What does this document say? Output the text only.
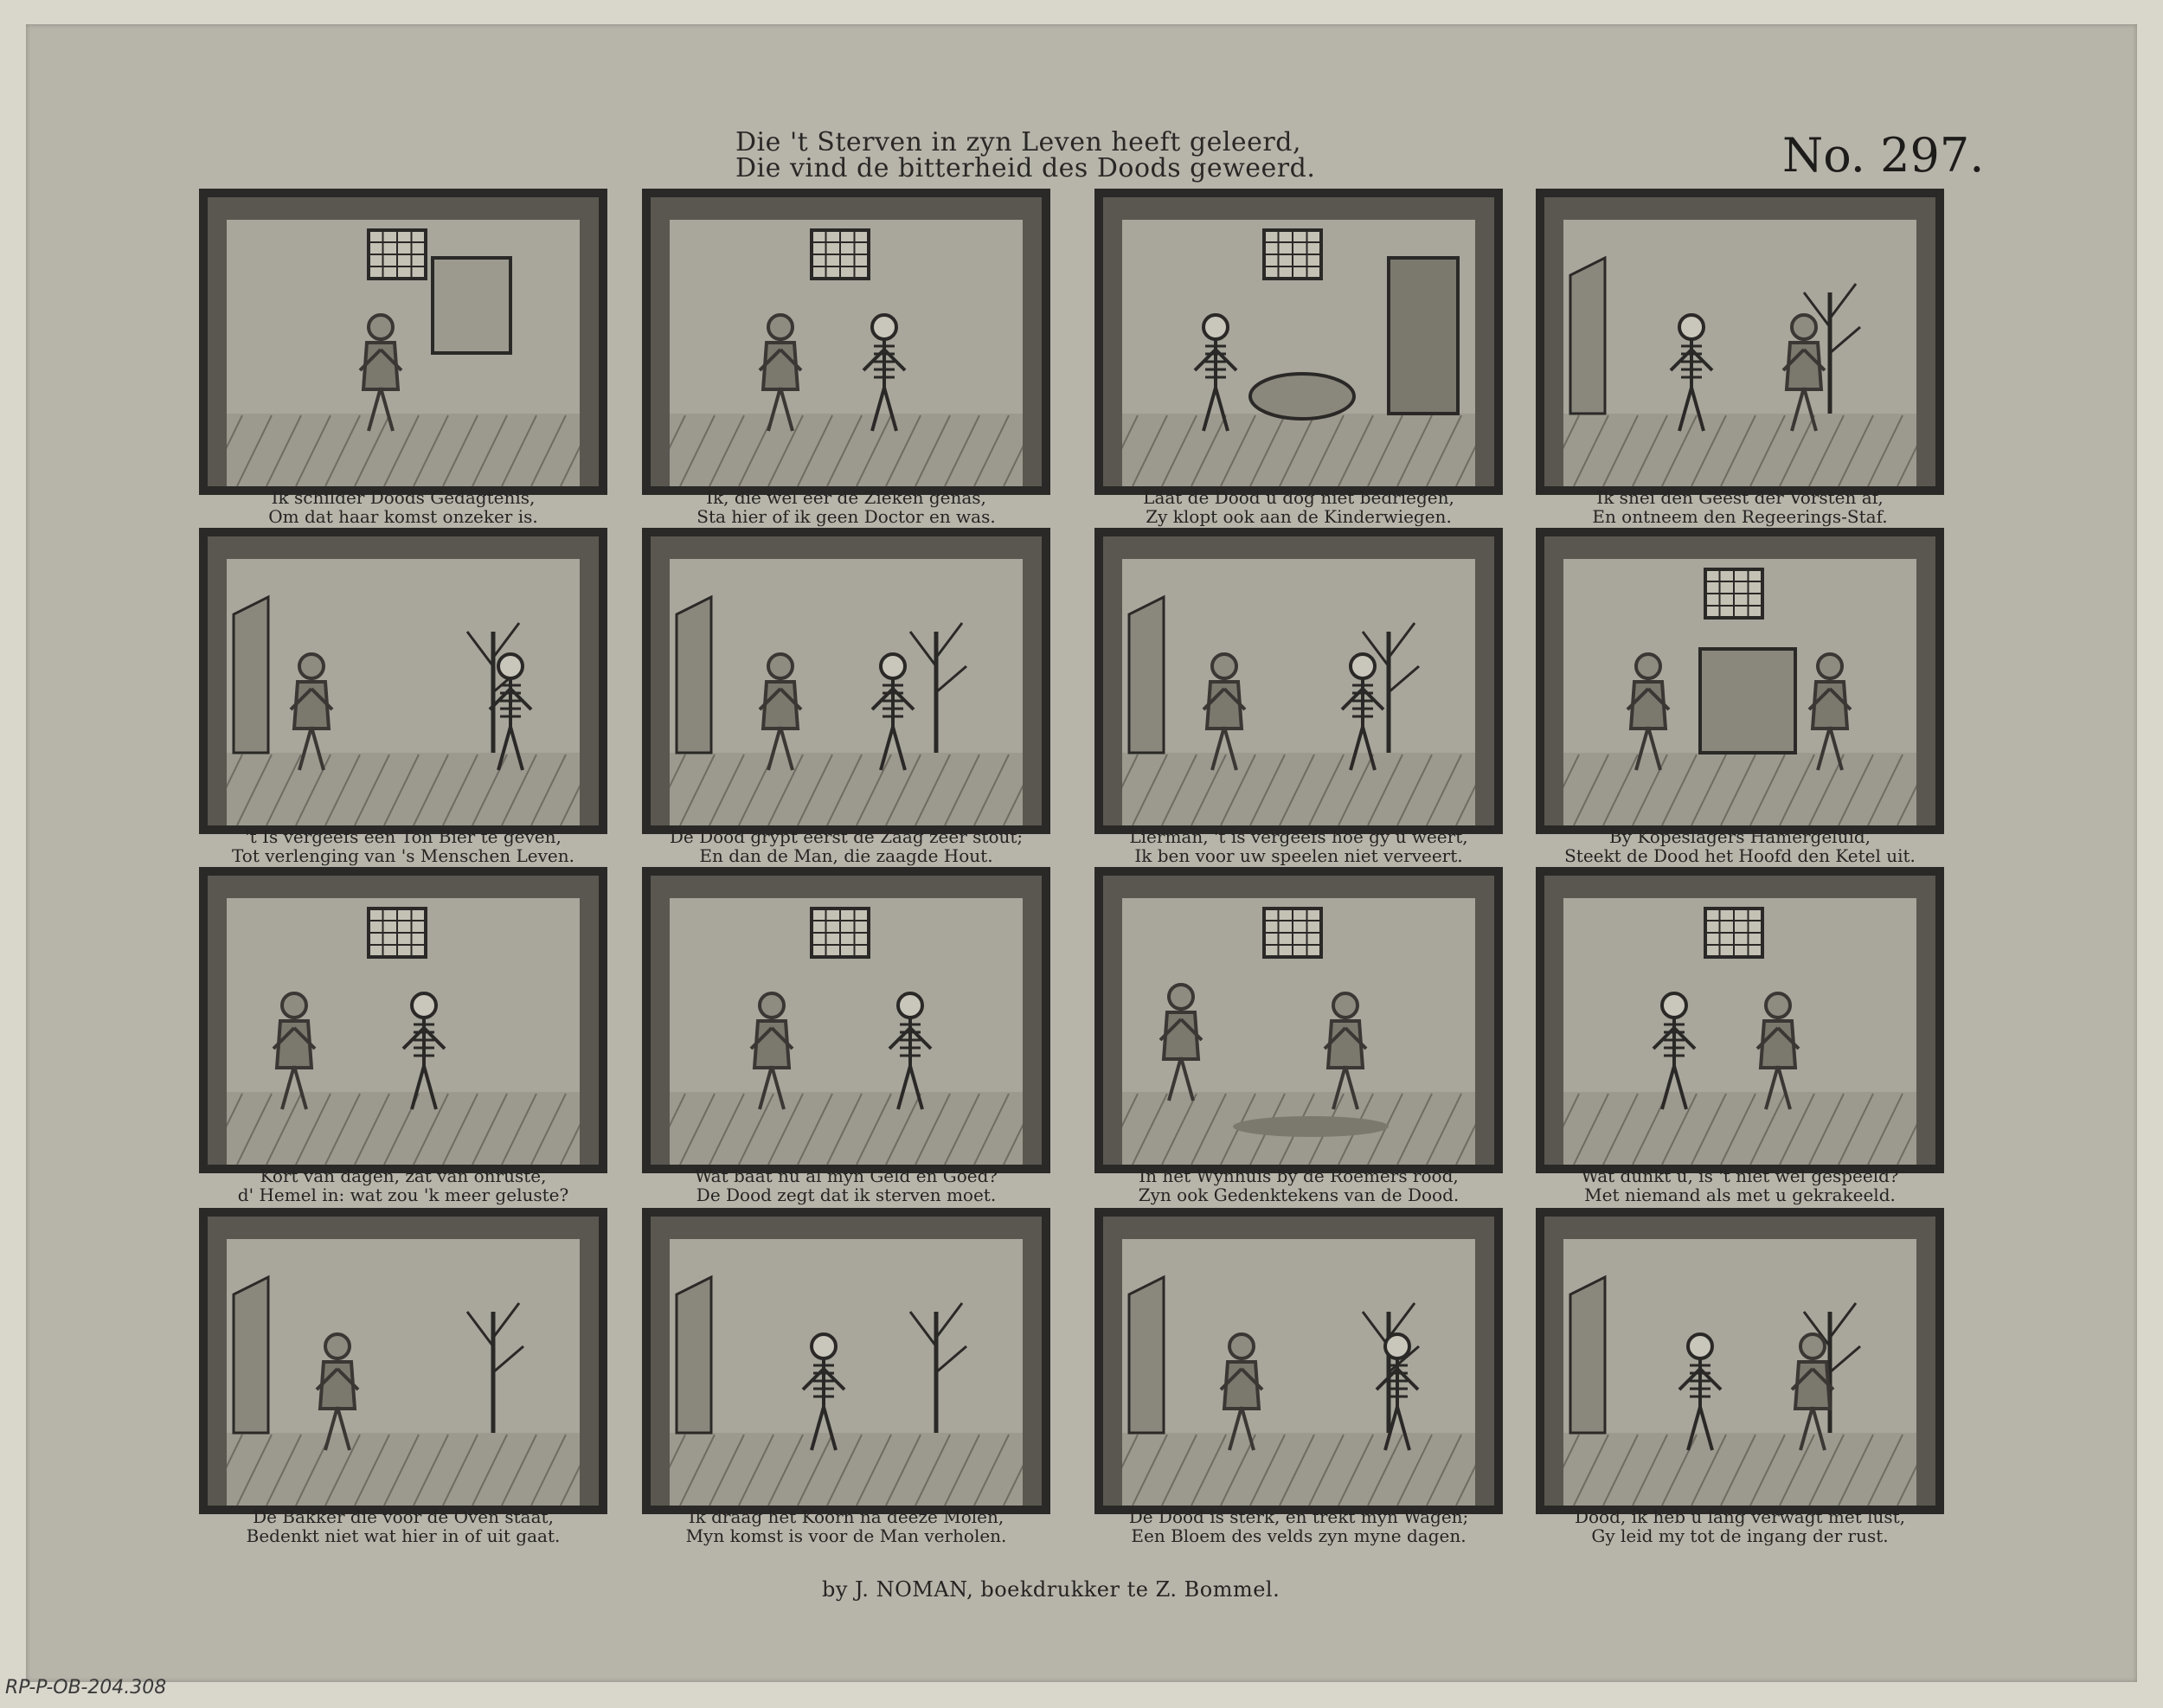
Die 't Sterven in zyn Leven heeft geleerd,
Die vind de bitterheid des Doods geweerd.	No. 297.
Ik schilder Doods Gedagtenis,
Om dat haar komst onzeker is.
Ik, die wel eer de Zieken genas,
Sta hier of ik geen Doctor en was.
Laat de Dood u dog niet bedriegen,
Zy klopt ook aan de Kinderwiegen.
Ik snei den Geest der Vorsten af,
En ontneem den Regeerings-Staf.
't Is vergeefs een Ton Bier te geven,
Tot verlenging van 's Menschen Leven.
De Dood grypt eerst de Zaag zeer stout;
En dan de Man, die zaagde Hout.
Lierman, 't is vergeefs hoe gy u weert,
Ik ben voor uw speelen niet verveert.
By Kopeslagers Hamergeluid,
Steekt de Dood het Hoofd den Ketel uit.
Kort van dagen, zat van onruste,
d' Hemel in: wat zou 'k meer geluste?
Wat baat nu al myn Geld en Goed?
De Dood zegt dat ik sterven moet.
In het Wynhuis by de Roemers rood,
Zyn ook Gedenktekens van de Dood.
Wat dunkt u, is 't niet wel gespeeld?
Met niemand als met u gekrakeeld.
De Bakker die voor de Oven staat,
Bedenkt niet wat hier in of uit gaat.
Ik draag het Koorn na deeze Molen,
Myn komst is voor de Man verholen.
De Dood is sterk, en trekt myn Wagen;
Een Bloem des velds zyn myne dagen.
Dood, ik heb u lang verwagt met lust,
Gy leid my tot de ingang der rust.
by J. NOMAN, boekdrukker te Z. Bommel.
RP-P-OB-204.308
